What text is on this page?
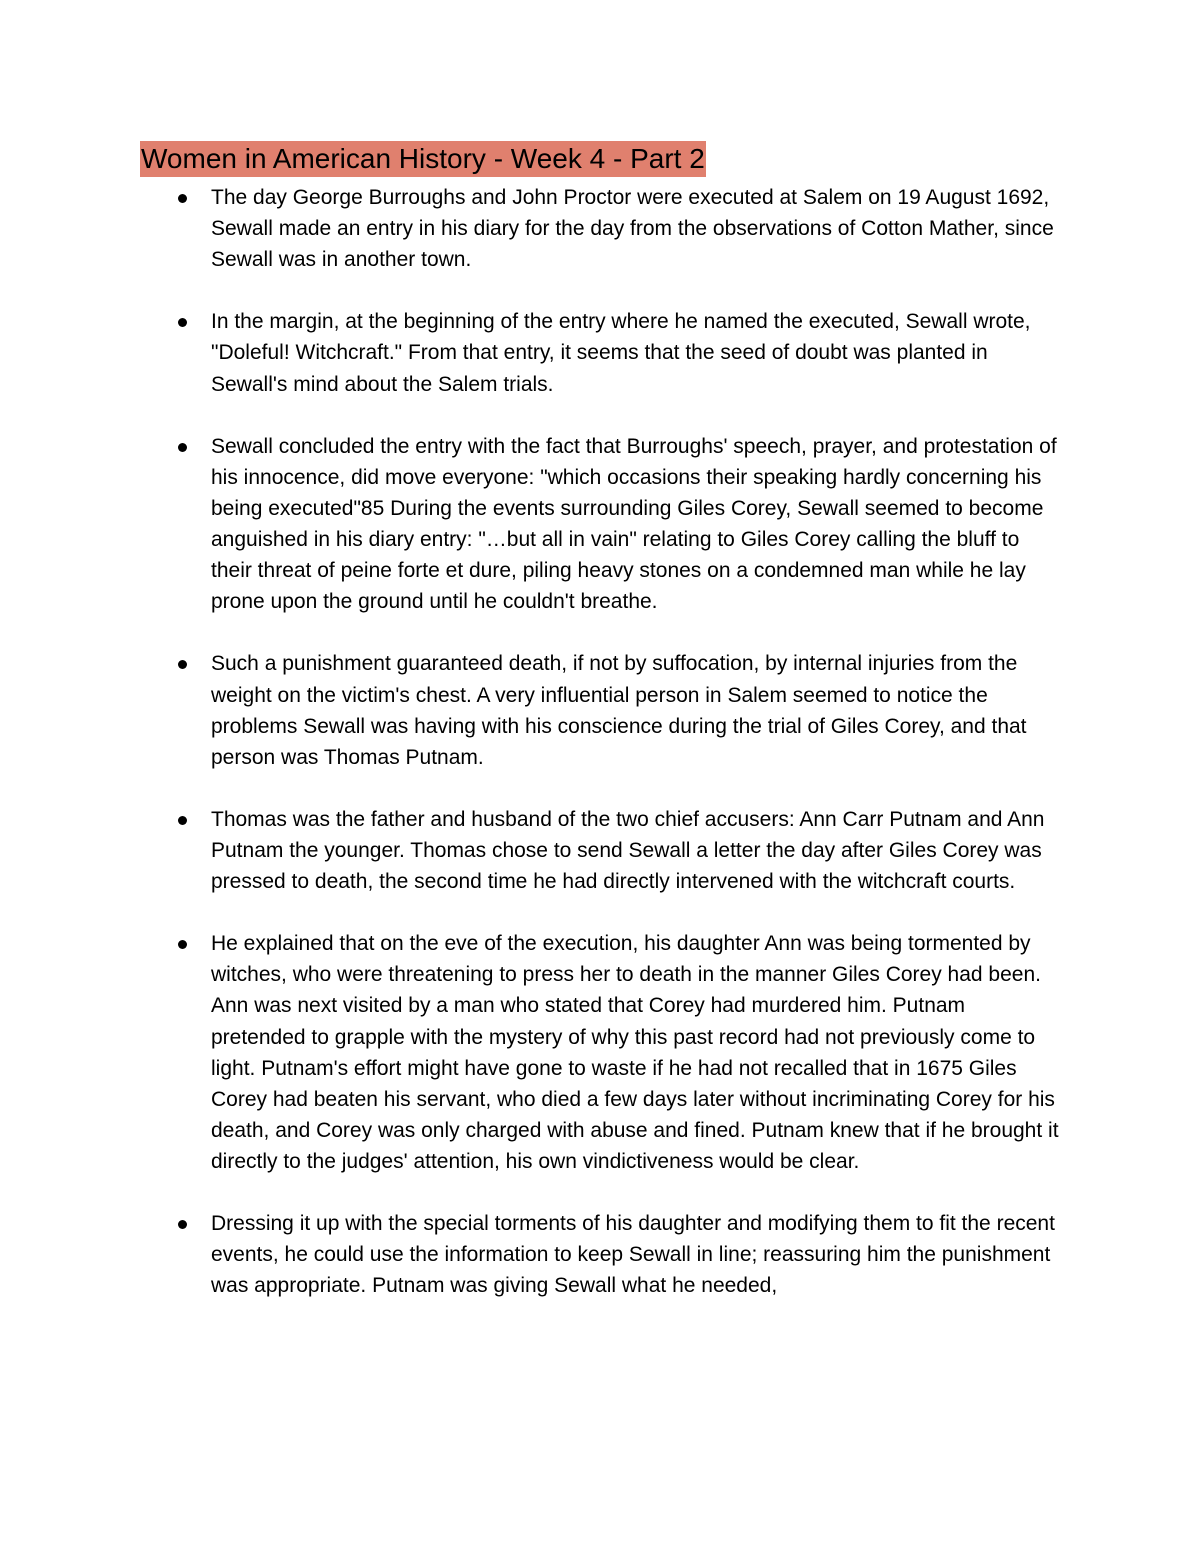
Women in American History - Week 4 - Part 2
The day George Burroughs and John Proctor were executed at Salem on 19 August 1692, Sewall made an entry in his diary for the day from the observations of Cotton Mather, since Sewall was in another town.
In the margin, at the beginning of the entry where he named the executed, Sewall wrote, "Doleful! Witchcraft." From that entry, it seems that the seed of doubt was planted in Sewall's mind about the Salem trials.
Sewall concluded the entry with the fact that Burroughs' speech, prayer, and protestation of his innocence, did move everyone: "which occasions their speaking hardly concerning his being executed"85 During the events surrounding Giles Corey, Sewall seemed to become anguished in his diary entry: "…but all in vain" relating to Giles Corey calling the bluff to their threat of peine forte et dure, piling heavy stones on a condemned man while he lay prone upon the ground until he couldn't breathe.
Such a punishment guaranteed death, if not by suffocation, by internal injuries from the weight on the victim's chest. A very influential person in Salem seemed to notice the problems Sewall was having with his conscience during the trial of Giles Corey, and that person was Thomas Putnam.
Thomas was the father and husband of the two chief accusers: Ann Carr Putnam and Ann Putnam the younger. Thomas chose to send Sewall a letter the day after Giles Corey was pressed to death, the second time he had directly intervened with the witchcraft courts.
He explained that on the eve of the execution, his daughter Ann was being tormented by witches, who were threatening to press her to death in the manner Giles Corey had been. Ann was next visited by a man who stated that Corey had murdered him. Putnam pretended to grapple with the mystery of why this past record had not previously come to light. Putnam's effort might have gone to waste if he had not recalled that in 1675 Giles Corey had beaten his servant, who died a few days later without incriminating Corey for his death, and Corey was only charged with abuse and fined. Putnam knew that if he brought it directly to the judges' attention, his own vindictiveness would be clear.
Dressing it up with the special torments of his daughter and modifying them to fit the recent events, he could use the information to keep Sewall in line; reassuring him the punishment was appropriate. Putnam was giving Sewall what he needed,
